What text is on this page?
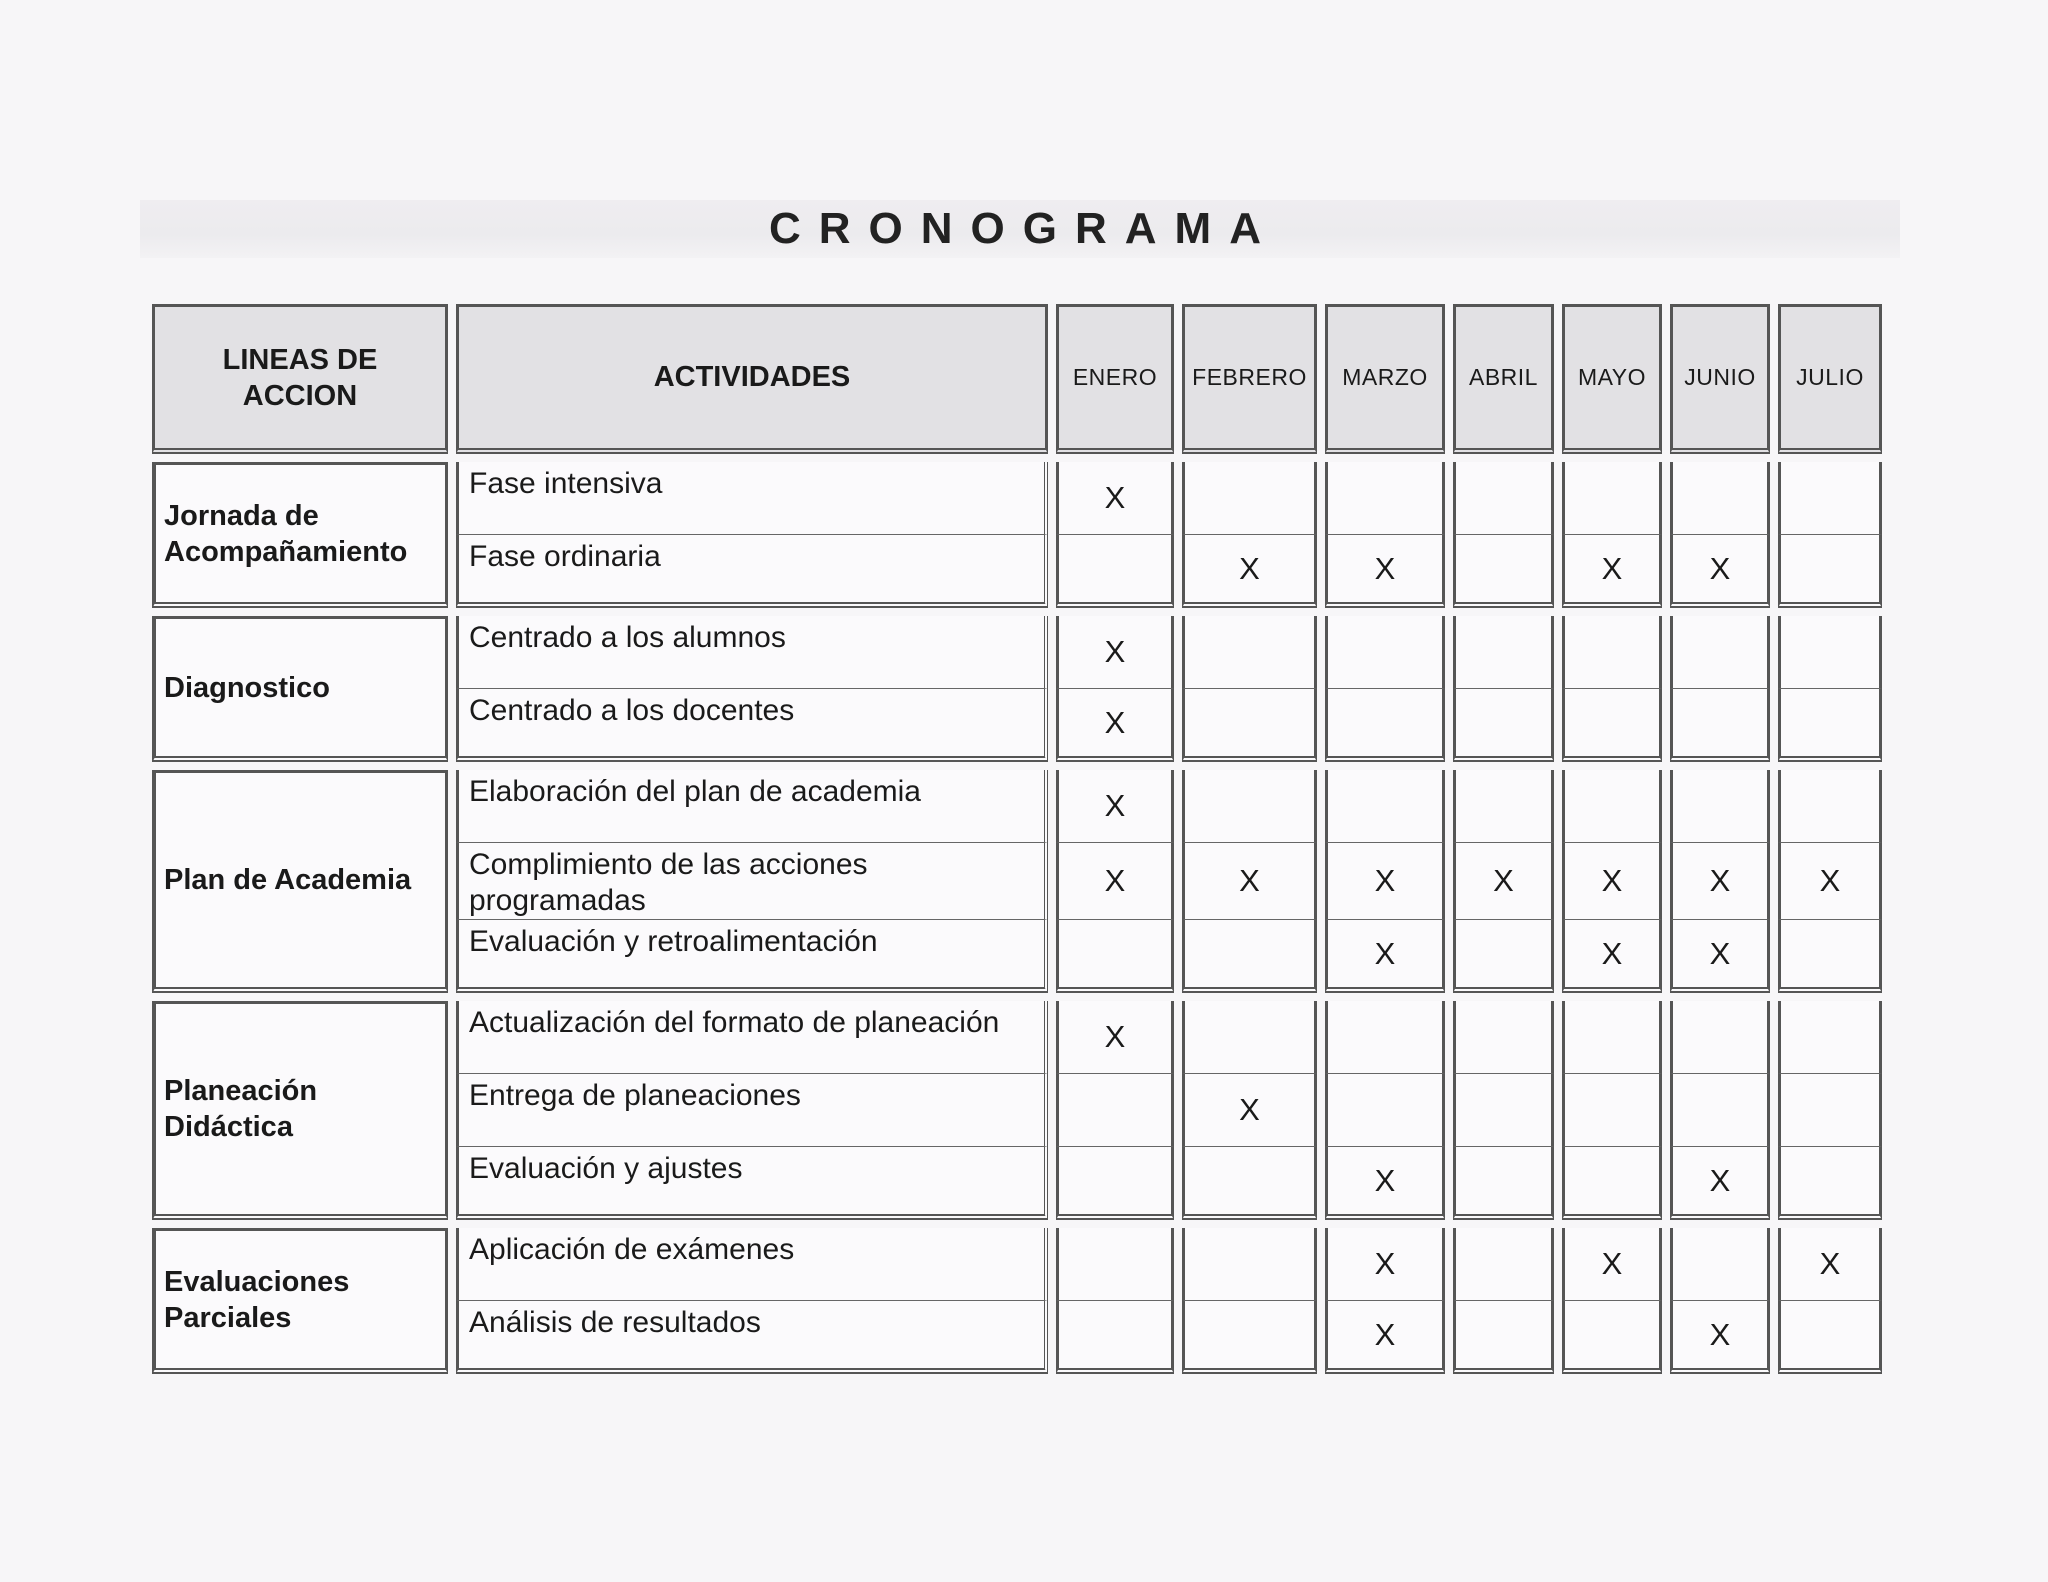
CRONOGRAMA
LINEAS DE
ACCION	ACTIVIDADES	ENERO	FEBRERO	MARZO	ABRIL	MAYO	JUNIO	JULIO

Jornada de
Acompañamiento	Fase intensiva	X						
	Fase ordinaria		X	X		X	X	

Diagnostico	Centrado a los alumnos	X						
	Centrado a los docentes	X						

Plan de Academia	Elaboración del plan de academia	X						
	Complimiento de las acciones programadas	X	X	X	X	X	X	X
	Evaluación y retroalimentación			X		X	X	

Planeación
Didáctica	Actualización del formato de planeación	X						
	Entrega de planeaciones		X					
	Evaluación y ajustes			X			X	

Evaluaciones
Parciales	Aplicación de exámenes			X		X		X
	Análisis de resultados			X			X	
